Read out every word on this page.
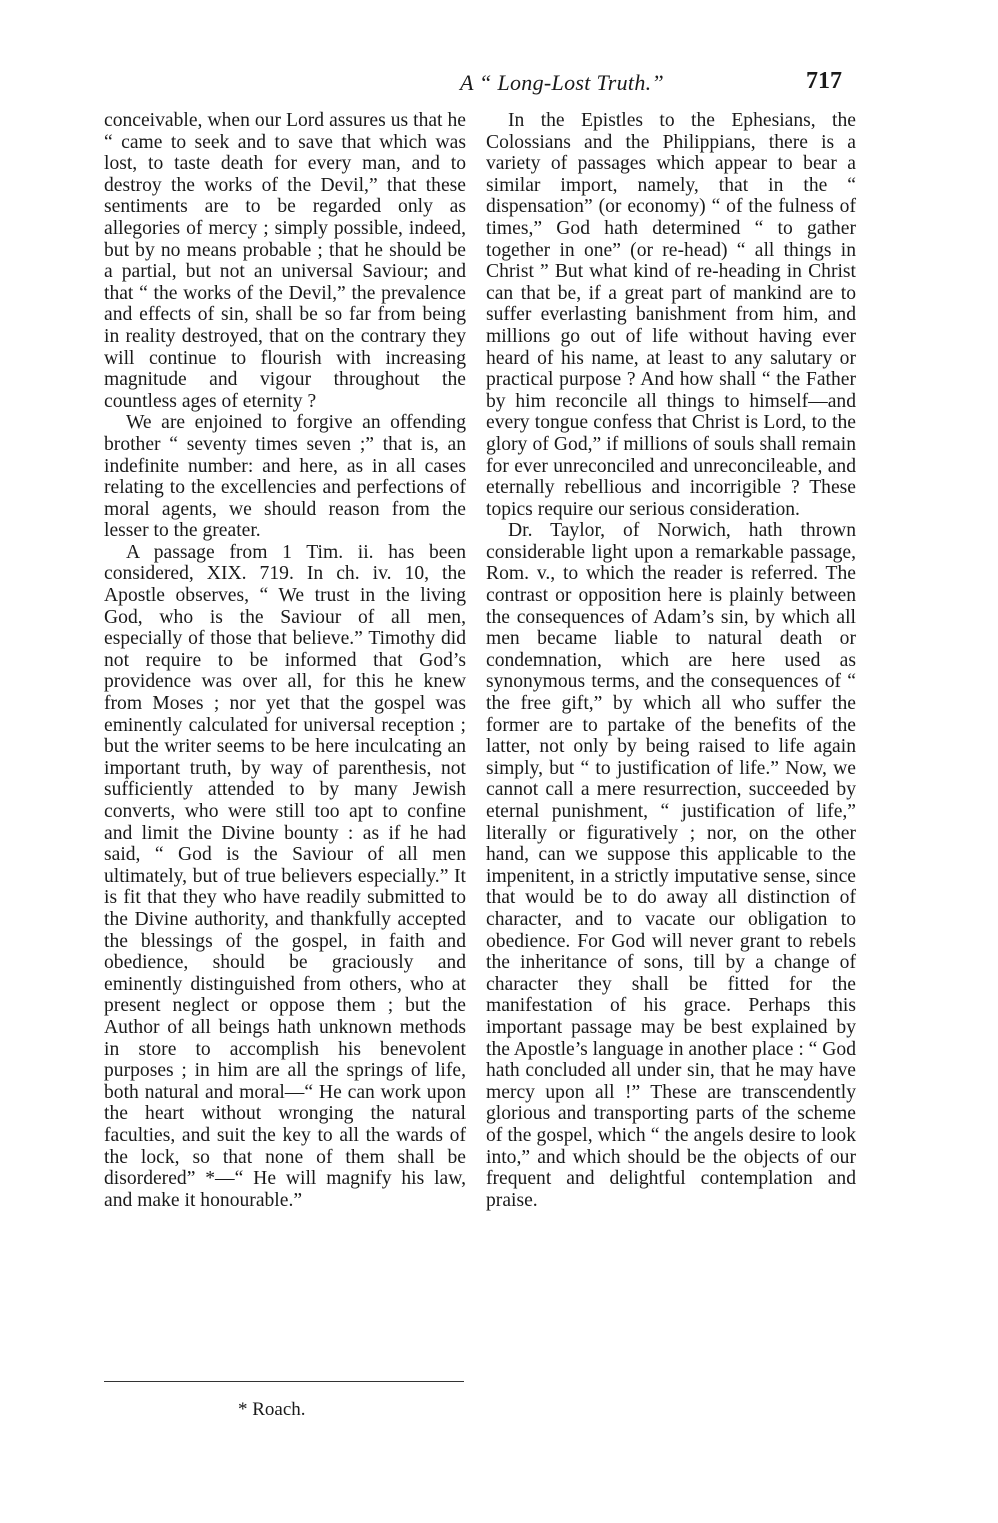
A “ Long-Lost Truth.”	717

conceivable, when our Lord assures us that he “ came to seek and to save that which was lost, to taste death for every man, and to destroy the works of the Devil,” that these sentiments are to be regarded only as allegories of mercy ; simply possible, indeed, but by no means probable ; that he should be a partial, but not an universal Saviour; and that “ the works of the Devil,” the prevalence and effects of sin, shall be so far from being in reality destroyed, that on the contrary they will continue to flourish with increasing magnitude and vigour throughout the countless ages of eternity ?

We are enjoined to forgive an offending brother “ seventy times seven ;” that is, an indefinite number: and here, as in all cases relating to the excellencies and perfections of moral agents, we should reason from the lesser to the greater.

A passage from 1 Tim. ii. has been considered, XIX. 719. In ch. iv. 10, the Apostle observes, “ We trust in the living God, who is the Saviour of all men, especially of those that believe.” Timothy did not require to be informed that God’s providence was over all, for this he knew from Moses ; nor yet that the gospel was eminently calculated for universal reception ; but the writer seems to be here inculcating an important truth, by way of parenthesis, not sufficiently attended to by many Jewish converts, who were still too apt to confine and limit the Divine bounty : as if he had said, “ God is the Saviour of all men ultimately, but of true believers especially.” It is fit that they who have readily submitted to the Divine authority, and thankfully accepted the blessings of the gospel, in faith and obedience, should be graciously and eminently distinguished from others, who at present neglect or oppose them ; but the Author of all beings hath unknown methods in store to accomplish his benevolent purposes ; in him are all the springs of life, both natural and moral—“ He can work upon the heart without wronging the natural faculties, and suit the key to all the wards of the lock, so that none of them shall be disordered” *—“ He will magnify his law, and make it honourable.”

In the Epistles to the Ephesians, the Colossians and the Philippians, there is a variety of passages which appear to bear a similar import, namely, that in the “ dispensation” (or economy) “ of the fulness of times,” God hath determined “ to gather together in one” (or re-head) “ all things in Christ ” But what kind of re-heading in Christ can that be, if a great part of mankind are to suffer everlasting banishment from him, and millions go out of life without having ever heard of his name, at least to any salutary or practical purpose ? And how shall “ the Father by him reconcile all things to himself—and every tongue confess that Christ is Lord, to the glory of God,” if millions of souls shall remain for ever unreconciled and unreconcileable, and eternally rebellious and incorrigible ? These topics require our serious consideration.

Dr. Taylor, of Norwich, hath thrown considerable light upon a remarkable passage, Rom. v., to which the reader is referred. The contrast or opposition here is plainly between the consequences of Adam’s sin, by which all men became liable to natural death or condemnation, which are here used as synonymous terms, and the consequences of “ the free gift,” by which all who suffer the former are to partake of the benefits of the latter, not only by being raised to life again simply, but “ to justification of life.” Now, we cannot call a mere resurrection, succeeded by eternal punishment, “ justification of life,” literally or figuratively ; nor, on the other hand, can we suppose this applicable to the impenitent, in a strictly imputative sense, since that would be to do away all distinction of character, and to vacate our obligation to obedience. For God will never grant to rebels the inheritance of sons, till by a change of character they shall be fitted for the manifestation of his grace. Perhaps this important passage may be best explained by the Apostle’s language in another place : “ God hath concluded all under sin, that he may have mercy upon all !” These are transcendently glorious and transporting parts of the scheme of the gospel, which “ the angels desire to look into,” and which should be the objects of our frequent and delightful contemplation and praise.

* Roach.
